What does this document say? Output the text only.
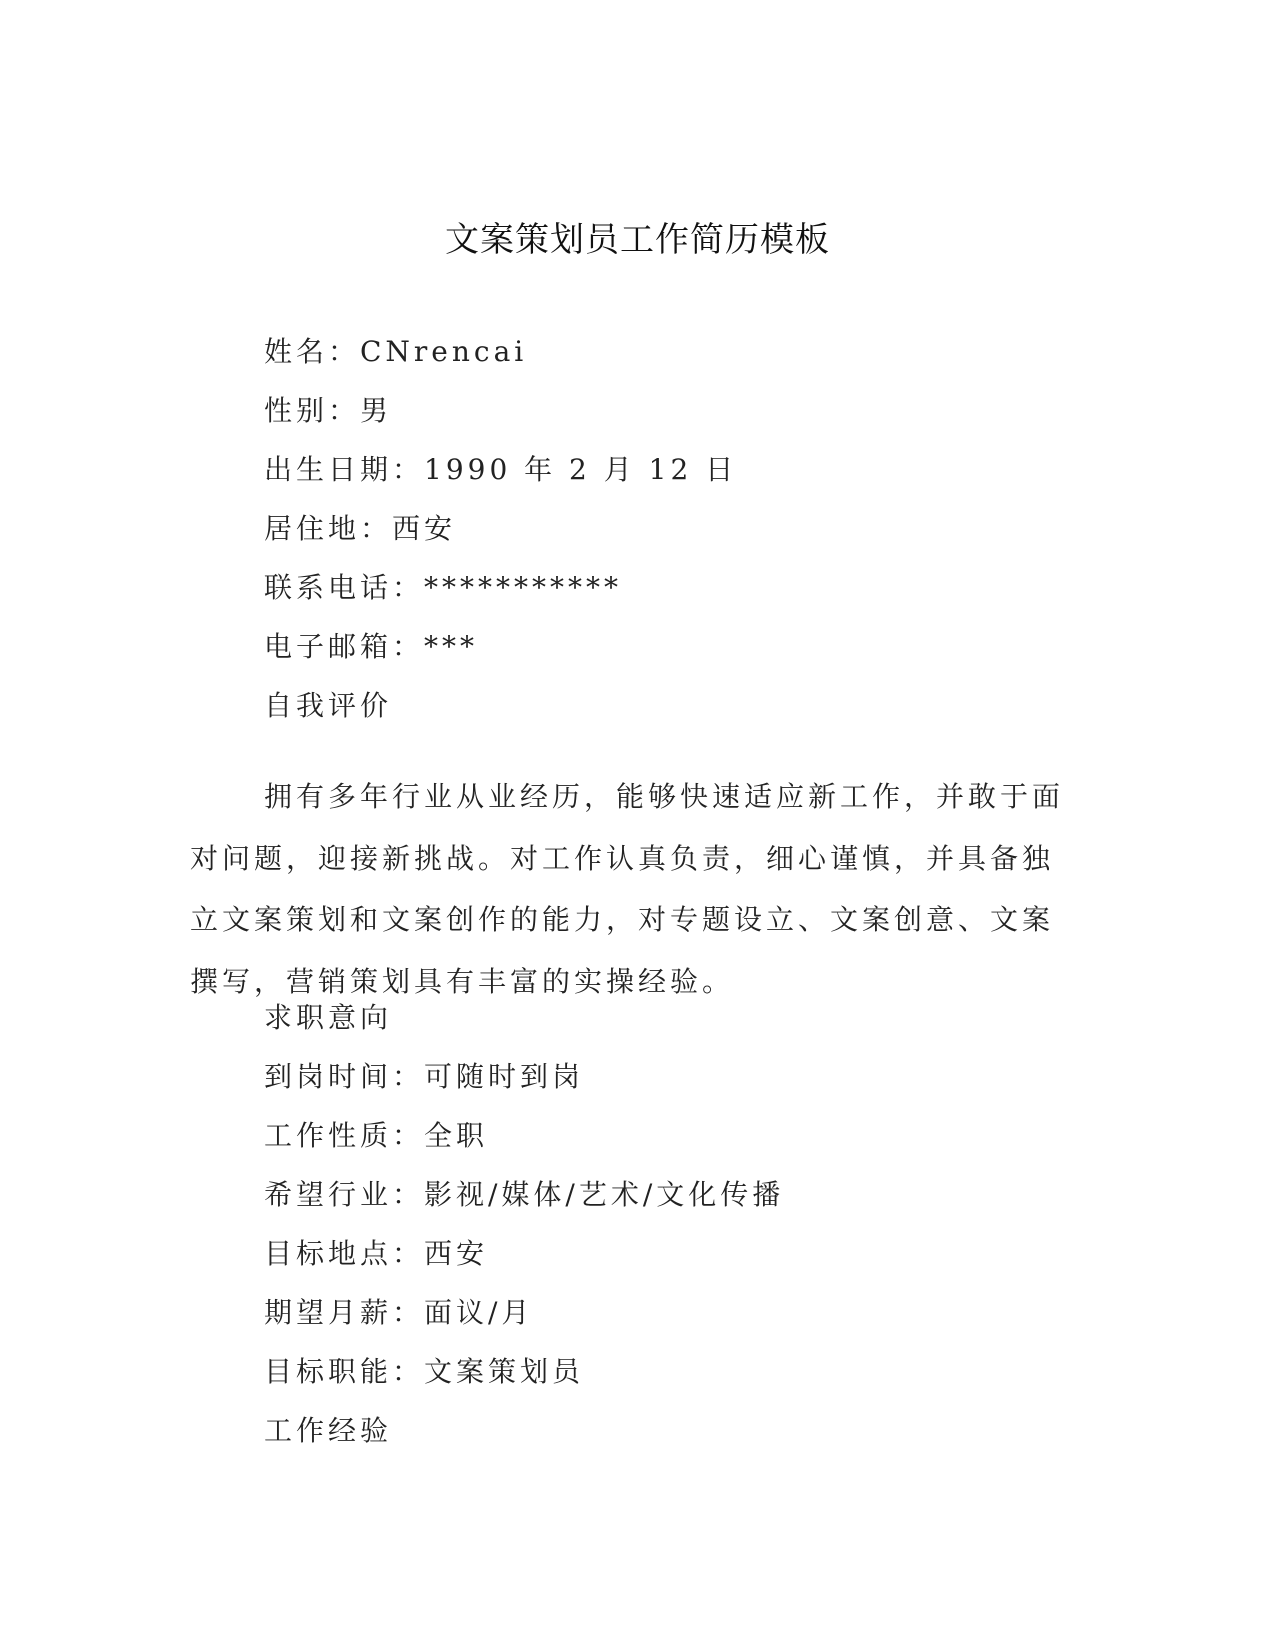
文案策划员工作简历模板

姓名：CNrencai

性别：男

出生日期：1990 年 2 月 12 日

居住地：西安

联系电话：***********

电子邮箱：***

自我评价

拥有多年行业从业经历，能够快速适应新工作，并敢于面对问题，迎接新挑战。对工作认真负责，细心谨慎，并具备独立文案策划和文案创作的能力，对专题设立、文案创意、文案撰写，营销策划具有丰富的实操经验。

求职意向

到岗时间：可随时到岗

工作性质：全职

希望行业：影视/媒体/艺术/文化传播

目标地点：西安

期望月薪：面议/月

目标职能：文案策划员

工作经验
